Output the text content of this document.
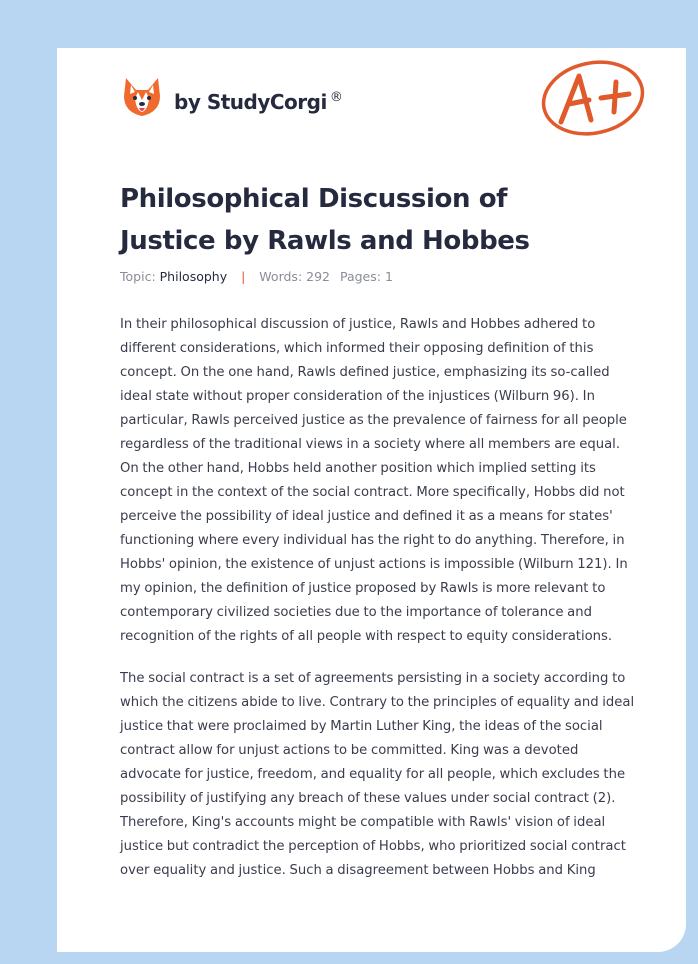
by StudyCorgi ®
Philosophical Discussion of Justice by Rawls and Hobbes
Topic: Philosophy | Words: 292 Pages: 1

In their philosophical discussion of justice, Rawls and Hobbes adhered to different considerations, which informed their opposing definition of this concept. On the one hand, Rawls defined justice, emphasizing its so-called ideal state without proper consideration of the injustices (Wilburn 96). In particular, Rawls perceived justice as the prevalence of fairness for all people regardless of the traditional views in a society where all members are equal. On the other hand, Hobbs held another position which implied setting its concept in the context of the social contract. More specifically, Hobbs did not perceive the possibility of ideal justice and defined it as a means for states' functioning where every individual has the right to do anything. Therefore, in Hobbs' opinion, the existence of unjust actions is impossible (Wilburn 121). In my opinion, the definition of justice proposed by Rawls is more relevant to contemporary civilized societies due to the importance of tolerance and recognition of the rights of all people with respect to equity considerations.

The social contract is a set of agreements persisting in a society according to which the citizens abide to live. Contrary to the principles of equality and ideal justice that were proclaimed by Martin Luther King, the ideas of the social contract allow for unjust actions to be committed. King was a devoted advocate for justice, freedom, and equality for all people, which excludes the possibility of justifying any breach of these values under social contract (2). Therefore, King's accounts might be compatible with Rawls' vision of ideal justice but contradict the perception of Hobbs, who prioritized social contract over equality and justice. Such a disagreement between Hobbs and King
